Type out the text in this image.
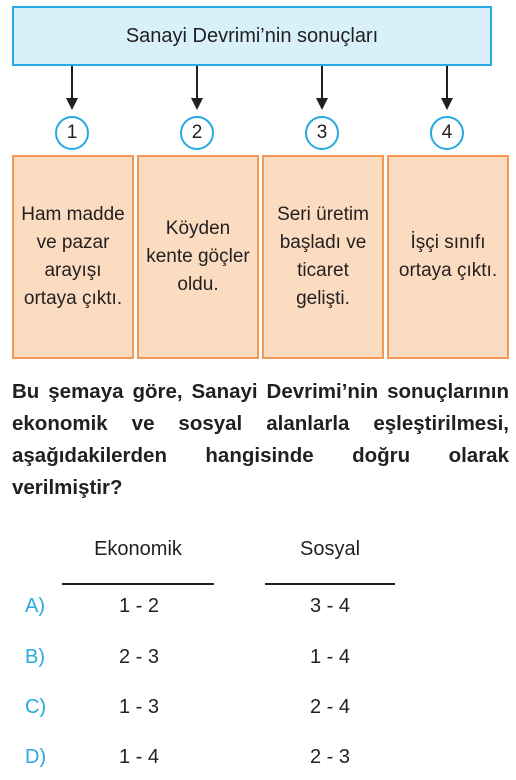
Sanayi Devrimi’nin sonuçları
1	2	3	4
Ham madde ve pazar arayışı ortaya çıktı.
Köyden kente göçler oldu.
Seri üretim başladı ve ticaret gelişti.
İşçi sınıfı ortaya çıktı.
Bu şemaya göre, Sanayi Devrimi’nin sonuçlarının ekonomik ve sosyal alanlarla eşleştirilmesi, aşağıdakilerden hangisinde doğru olarak verilmiştir?
Ekonomik	Sosyal
A)	1 - 2	3 - 4
B)	2 - 3	1 - 4
C)	1 - 3	2 - 4
D)	1 - 4	2 - 3
